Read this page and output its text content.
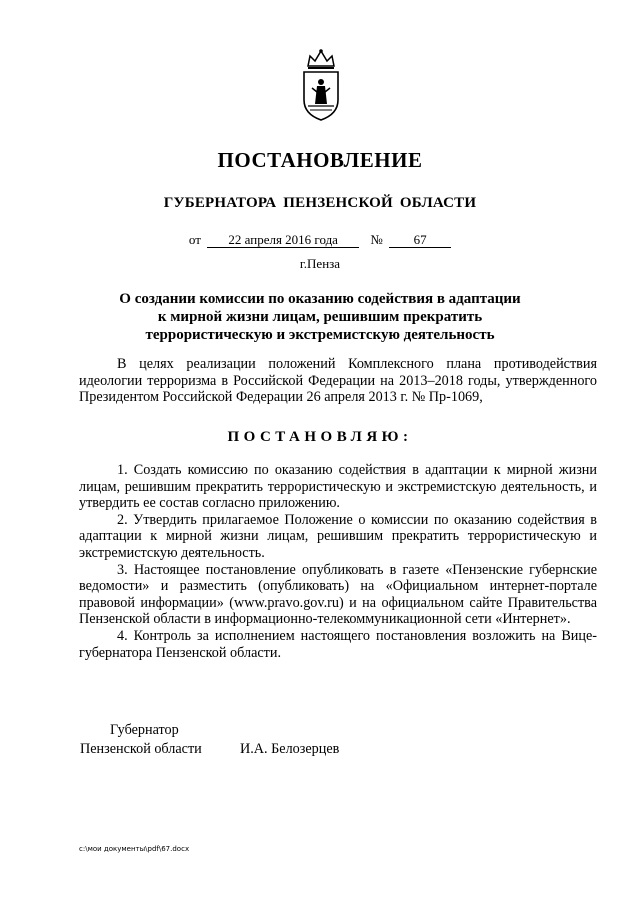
ПОСТАНОВЛЕНИЕ
ГУБЕРНАТОРА ПЕНЗЕНСКОЙ ОБЛАСТИ
от 22 апреля 2016 года № 67
г.Пенза
О создании комиссии по оказанию содействия в адаптации
к мирной жизни лицам, решившим прекратить
террористическую и экстремистскую деятельность

В целях реализации положений Комплексного плана противодействия идеологии терроризма в Российской Федерации на 2013–2018 годы, утвержденного Президентом Российской Федерации 26 апреля 2013 г. № Пр-1069,

ПОСТАНОВЛЯЮ:

1. Создать комиссию по оказанию содействия в адаптации к мирной жизни лицам, решившим прекратить террористическую и экстремистскую деятельность, и утвердить ее состав согласно приложению.

2. Утвердить прилагаемое Положение о комиссии по оказанию содействия в адаптации к мирной жизни лицам, решившим прекратить террористическую и экстремистскую деятельность.

3. Настоящее постановление опубликовать в газете «Пензенские губернские ведомости» и разместить (опубликовать) на «Официальном интернет-портале правовой информации» (www.pravo.gov.ru) и на официальном сайте Правительства Пензенской области в информационно-телекоммуникационной сети «Интернет».

4. Контроль за исполнением настоящего постановления возложить на Вице-губернатора Пензенской области.

Губернатор
Пензенской области	И.А. Белозерцев
c:\мои документы\pdf\67.docx
